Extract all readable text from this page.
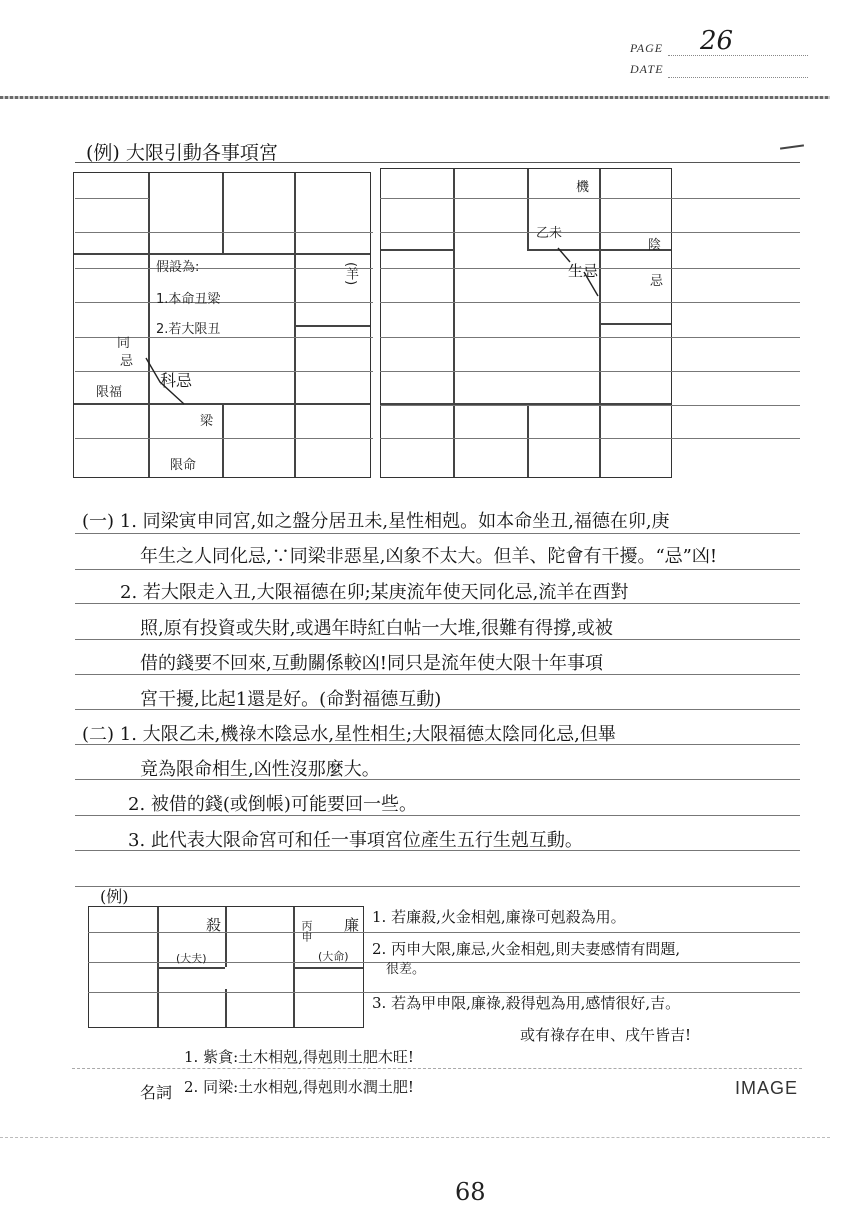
PAGE 26
DATE
(例) 大限引動各事項宮
假設為:
1.本命丑梁
2.若大限丑
(羊)
同
忌
限福
科忌
梁
限命
機
乙未
生忌
陰
忌
(一) 1. 同梁寅申同宮,如之盤分居丑未,星性相剋。如本命坐丑,福德在卯,庚
年生之人同化忌,∵同梁非惡星,凶象不太大。但羊、陀會有干擾。“忌”凶!
2. 若大限走入丑,大限福德在卯;某庚流年使天同化忌,流羊在酉對
照,原有投資或失財,或遇年時紅白帖一大堆,很難有得撐,或被
借的錢要不回來,互動關係較凶!同只是流年使大限十年事項
宮干擾,比起1還是好。(命對福德互動)
(二) 1. 大限乙未,機祿木陰忌水,星性相生;大限福德太陰同化忌,但畢
竟為限命相生,凶性沒那麼大。
2. 被借的錢(或倒帳)可能要回一些。
3. 此代表大限命宮可和任一事項宮位產生五行生剋互動。
(例)
殺
(大夫)
丙申
(大命)
廉 1. 若廉殺,火金相剋,廉祿可剋殺為用。
2. 丙申大限,廉忌,火金相剋,則夫妻感情有問題,
很差。
3. 若為甲申限,廉祿,殺得剋為用,感情很好,吉。
或有祿存在申、戌午皆吉!
1. 紫貪:土木相剋,得剋則土肥木旺!
名詞 2. 同梁:土水相剋,得剋則水潤土肥!	IMAGE
68
